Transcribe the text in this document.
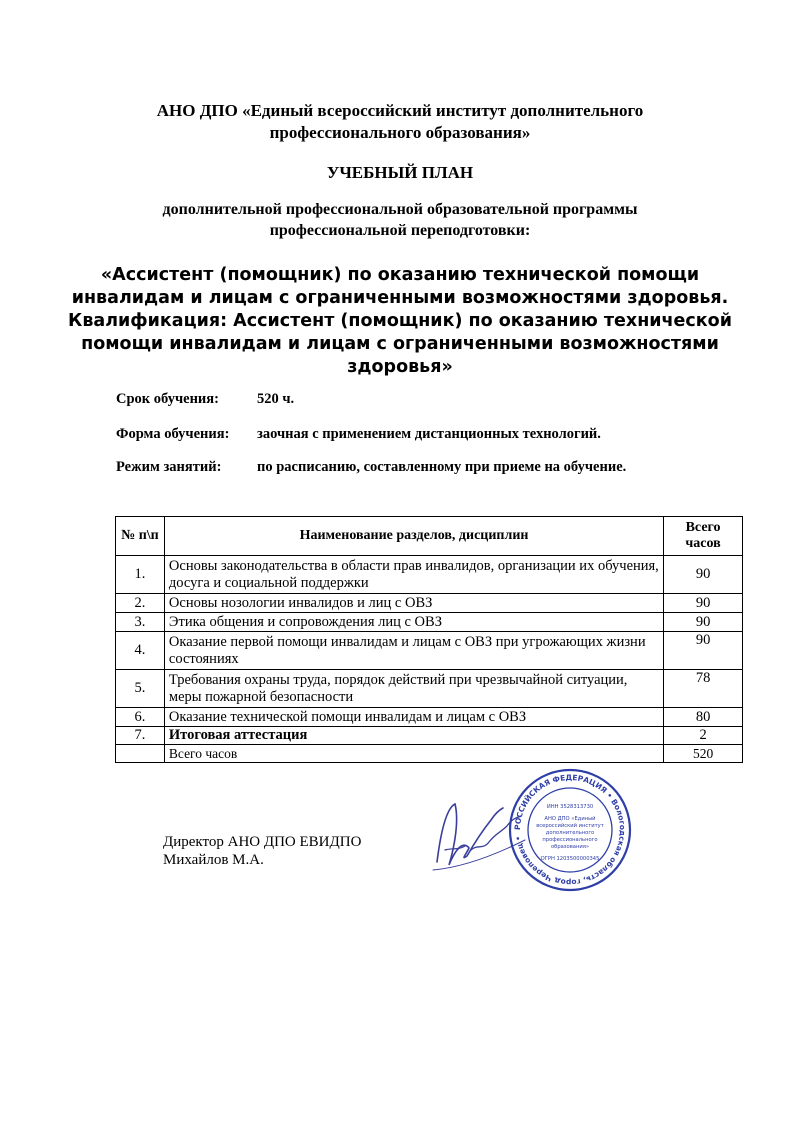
АНО ДПО «Единый всероссийский институт дополнительного
профессионального образования»
УЧЕБНЫЙ ПЛАН
дополнительной профессиональной образовательной программы
профессиональной переподготовки:
«Ассистент (помощник) по оказанию технической помощи
инвалидам и лицам с ограниченными возможностями здоровья.
Квалификация: Ассистент (помощник) по оказанию технической
помощи инвалидам и лицам с ограниченными возможностями
здоровья»
Срок обучения:	520 ч.
Форма обучения: заочная с применением дистанционных технологий.
Режим занятий: по расписанию, составленному при приеме на обучение.
№ п\п	Наименование разделов, дисциплин	Всего
часов

1.	Основы законодательства в области прав инвалидов, организации их обучения, досуга и социальной поддержки	90
2.	Основы нозологии инвалидов и лиц с ОВЗ	90
3.	Этика общения и сопровождения лиц с ОВЗ	90
4.	Оказание первой помощи инвалидам и лицам с ОВЗ при угрожающих жизни состояниях	90
5.	Требования охраны труда, порядок действий при чрезвычайной ситуации, меры пожарной безопасности	78
6.	Оказание технической помощи инвалидам и лицам с ОВЗ	80
7.	Итоговая аттестация	2
	Всего часов	520
Директор АНО ДПО ЕВИДПО
Михайлов М.А.
РОССИЙСКАЯ ФЕДЕРАЦИЯ • Вологодская область, город Череповец •
ИНН 3528313730
АНО ДПО «Единый
всероссийский институт
дополнительного
профессионального
образования»
ОГРН 1203500000345
